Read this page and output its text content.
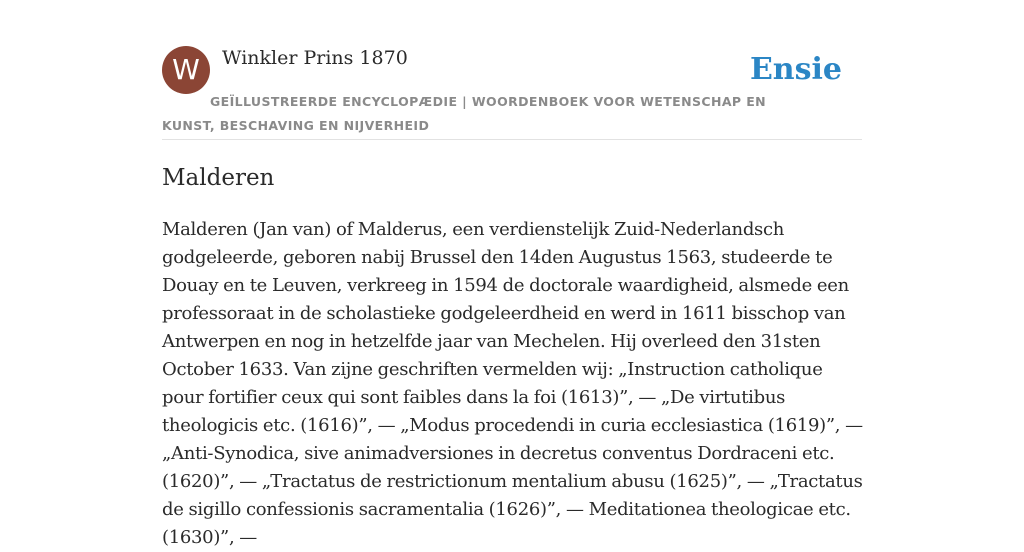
W	Winkler Prins 1870	Ensie
GEÏLLUSTREERDE ENCYCLOPÆDIE | WOORDENBOEK VOOR WETENSCHAP EN KUNST, BESCHAVING EN NIJVERHEID
Malderen

Malderen (Jan van) of Malderus, een verdienstelijk Zuid-Nederlandsch godgeleerde, geboren nabij Brussel den 14den Augustus 1563, studeerde te Douay en te Leuven, verkreeg in 1594 de doctorale waardigheid, alsmede een professoraat in de scholastieke godgeleerdheid en werd in 1611 bisschop van Antwerpen en nog in hetzelfde jaar van Mechelen. Hij overleed den 31sten October 1633. Van zijne geschriften vermelden wij: „Instruction catholique pour fortifier ceux qui sont faibles dans la foi (1613)”, — „De virtutibus theologicis etc. (1616)”, — „Modus procedendi in curia ecclesiastica (1619)”, — „Anti-Synodica, sive animadversiones in decretus conventus Dordraceni etc. (1620)”, — „Tractatus de restrictionum mentalium abusu (1625)”, — „Tractatus de sigillo confessionis sacramentalia (1626)”, — Meditationea theologicae etc. (1630)”, —
